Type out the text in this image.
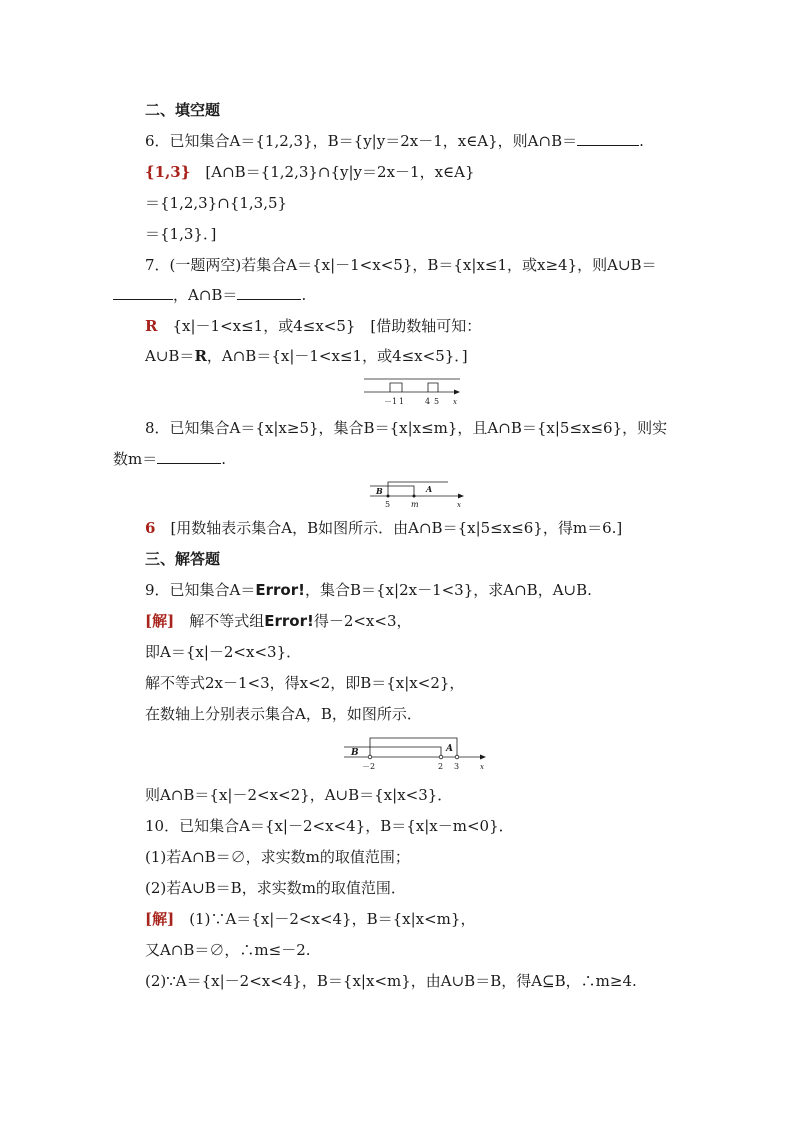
二、填空题
6．已知集合A＝{1,2,3}，B＝{y|y＝2x－1，x∈A}，则A∩B＝	.
{1,3}　[A∩B＝{1,2,3}∩{y|y＝2x－1，x∈A}
＝{1,2,3}∩{1,3,5}
＝{1,3}．]
7．(一题两空)若集合A＝{x|－1<x<5}，B＝{x|x≤1，或x≥4}，则A∪B＝
，A∩B＝	.
R　{x|－1<x≤1，或4≤x<5}　[借助数轴可知：
A∪B＝R，A∩B＝{x|－1<x≤1，或4≤x<5}．]
－1 1	4 5 x
8．已知集合A＝{x|x≥5}，集合B＝{x|x≤m}，且A∩B＝{x|5≤x≤6}，则实
数m＝	.
B	A
5	m	x
6　[用数轴表示集合A，B如图所示．由A∩B＝{x|5≤x≤6}，得m＝6.]
三、解答题
9．已知集合A＝Error!，集合B＝{x|2x－1<3}，求A∩B，A∪B.
[解]　解不等式组Error!得－2<x<3，
即A＝{x|－2<x<3}．
解不等式2x－1<3，得x<2，即B＝{x|x<2}，
在数轴上分别表示集合A，B，如图所示．
B	A
－2	2 3	x
则A∩B＝{x|－2<x<2}，A∪B＝{x|x<3}．
10．已知集合A＝{x|－2<x<4}，B＝{x|x－m<0}．
(1)若A∩B＝∅，求实数m的取值范围；
(2)若A∪B＝B，求实数m的取值范围．
[解]　(1)∵A＝{x|－2<x<4}，B＝{x|x<m}，
又A∩B＝∅，∴m≤－2.
(2)∵A＝{x|－2<x<4}，B＝{x|x<m}，由A∪B＝B，得A⊆B，∴m≥4.
